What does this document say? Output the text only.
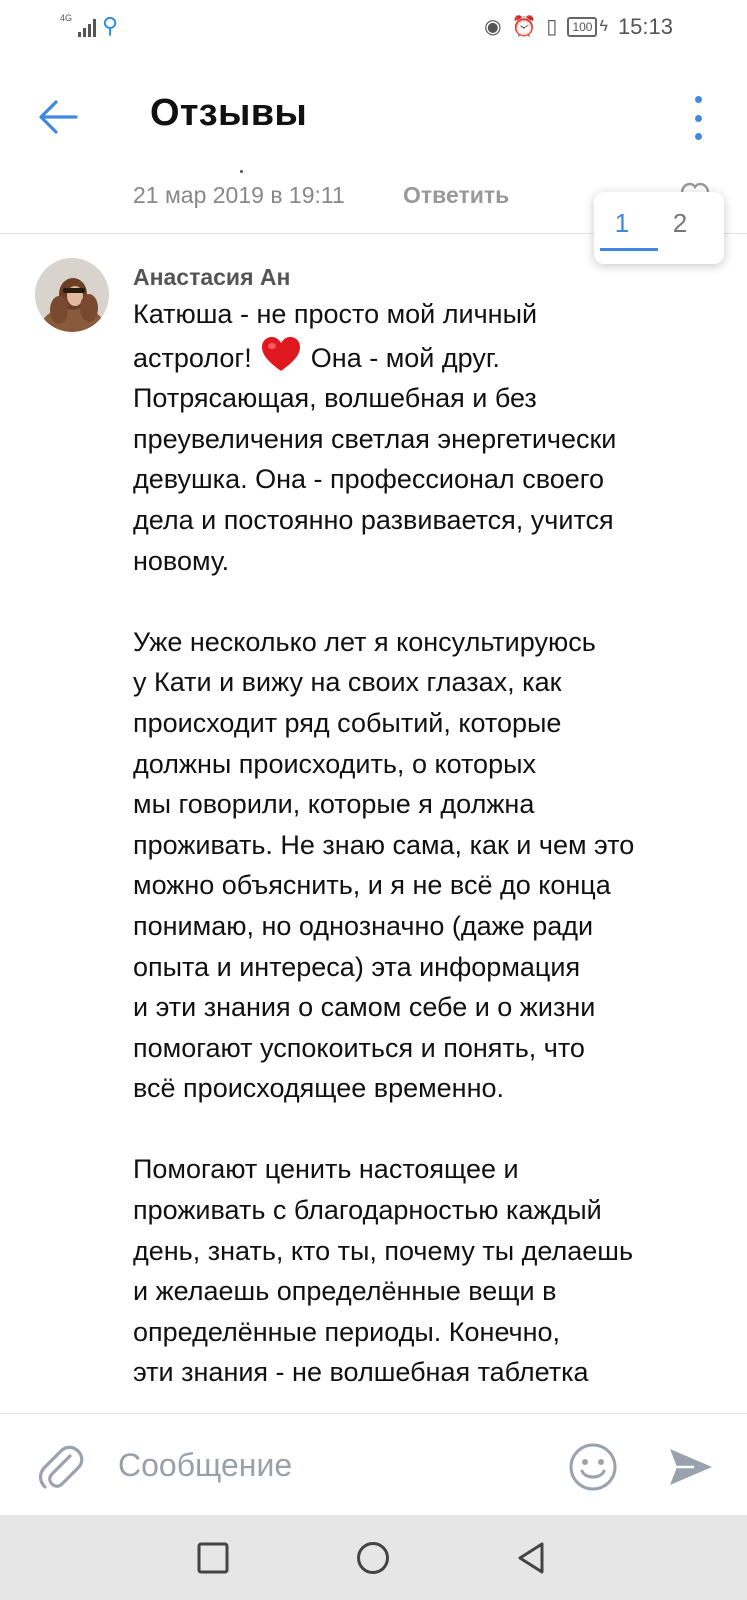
4G ⚲	◉ ⏰ ▯ 100 ϟ 15:13
Отзывы
21 мар 2019 в 19:11	Ответить
1	2
Анастасия Ан

Катюша - не просто мой личный

астролог! Она - мой друг.

Потрясающая, волшебная и без

преувеличения светлая энергетически

девушка. Она - профессионал своего

дела и постоянно развивается, учится

новому.

Уже несколько лет я консультируюсь

у Кати и вижу на своих глазах, как

происходит ряд событий, которые

должны происходить, о которых

мы говорили, которые я должна

проживать. Не знаю сама, как и чем это

можно объяснить, и я не всё до конца

понимаю, но однозначно (даже ради

опыта и интереса) эта информация

и эти знания о самом себе и о жизни

помогают успокоиться и понять, что

всё происходящее временно.

Помогают ценить настоящее и

проживать с благодарностью каждый

день, знать, кто ты, почему ты делаешь

и желаешь определённые вещи в

определённые периоды. Конечно,

эти знания - не волшебная таблетка

Сообщение
